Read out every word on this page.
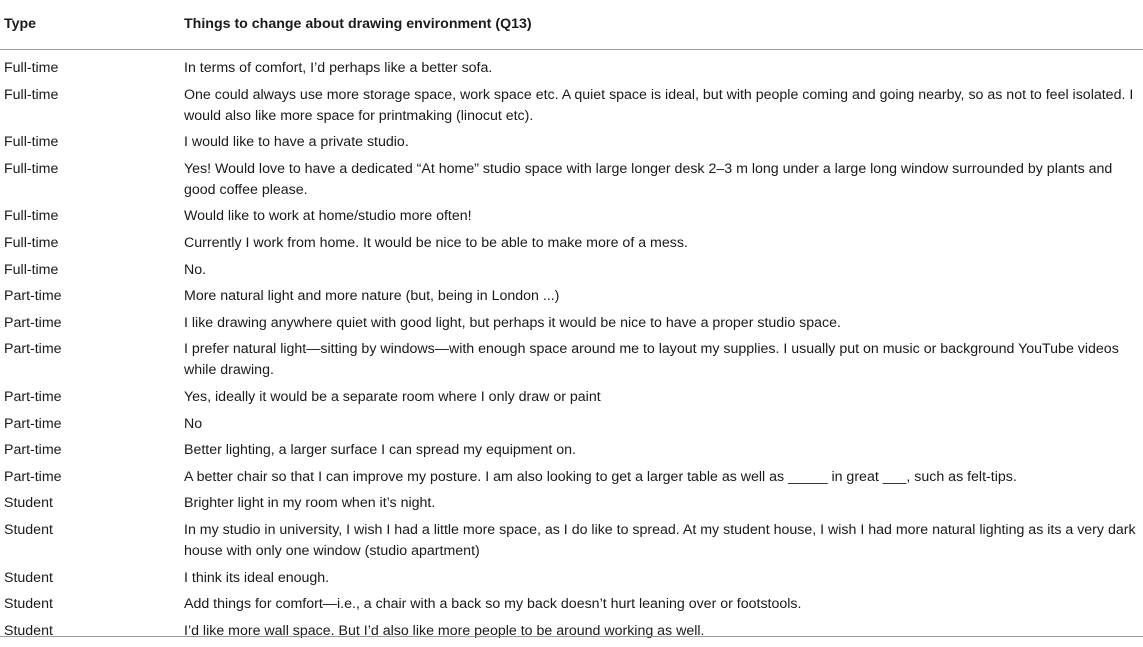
Type	Things to change about drawing environment (Q13)
Full-time	In terms of comfort, I’d perhaps like a better sofa.
Full-time	One could always use more storage space, work space etc. A quiet space is ideal, but with people coming and going nearby, so as not to feel isolated. I would also like more space for printmaking (linocut etc).
Full-time	I would like to have a private studio.
Full-time	Yes! Would love to have a dedicated “At home” studio space with large longer desk 2–3 m long under a large long window surrounded by plants and good coffee please.
Full-time	Would like to work at home/studio more often!
Full-time	Currently I work from home. It would be nice to be able to make more of a mess.
Full-time	No.
Part-time	More natural light and more nature (but, being in London ...)
Part-time	I like drawing anywhere quiet with good light, but perhaps it would be nice to have a proper studio space.
Part-time	I prefer natural light—sitting by windows—with enough space around me to layout my supplies. I usually put on music or background YouTube videos while drawing.
Part-time	Yes, ideally it would be a separate room where I only draw or paint
Part-time	No
Part-time	Better lighting, a larger surface I can spread my equipment on.
Part-time	A better chair so that I can improve my posture. I am also looking to get a larger table as well as _____ in great ___, such as felt-tips.
Student	Brighter light in my room when it’s night.
Student	In my studio in university, I wish I had a little more space, as I do like to spread. At my student house, I wish I had more natural lighting as its a very dark house with only one window (studio apartment)
Student	I think its ideal enough.
Student	Add things for comfort—i.e., a chair with a back so my back doesn’t hurt leaning over or footstools.
Student	I’d like more wall space. But I’d also like more people to be around working as well.
